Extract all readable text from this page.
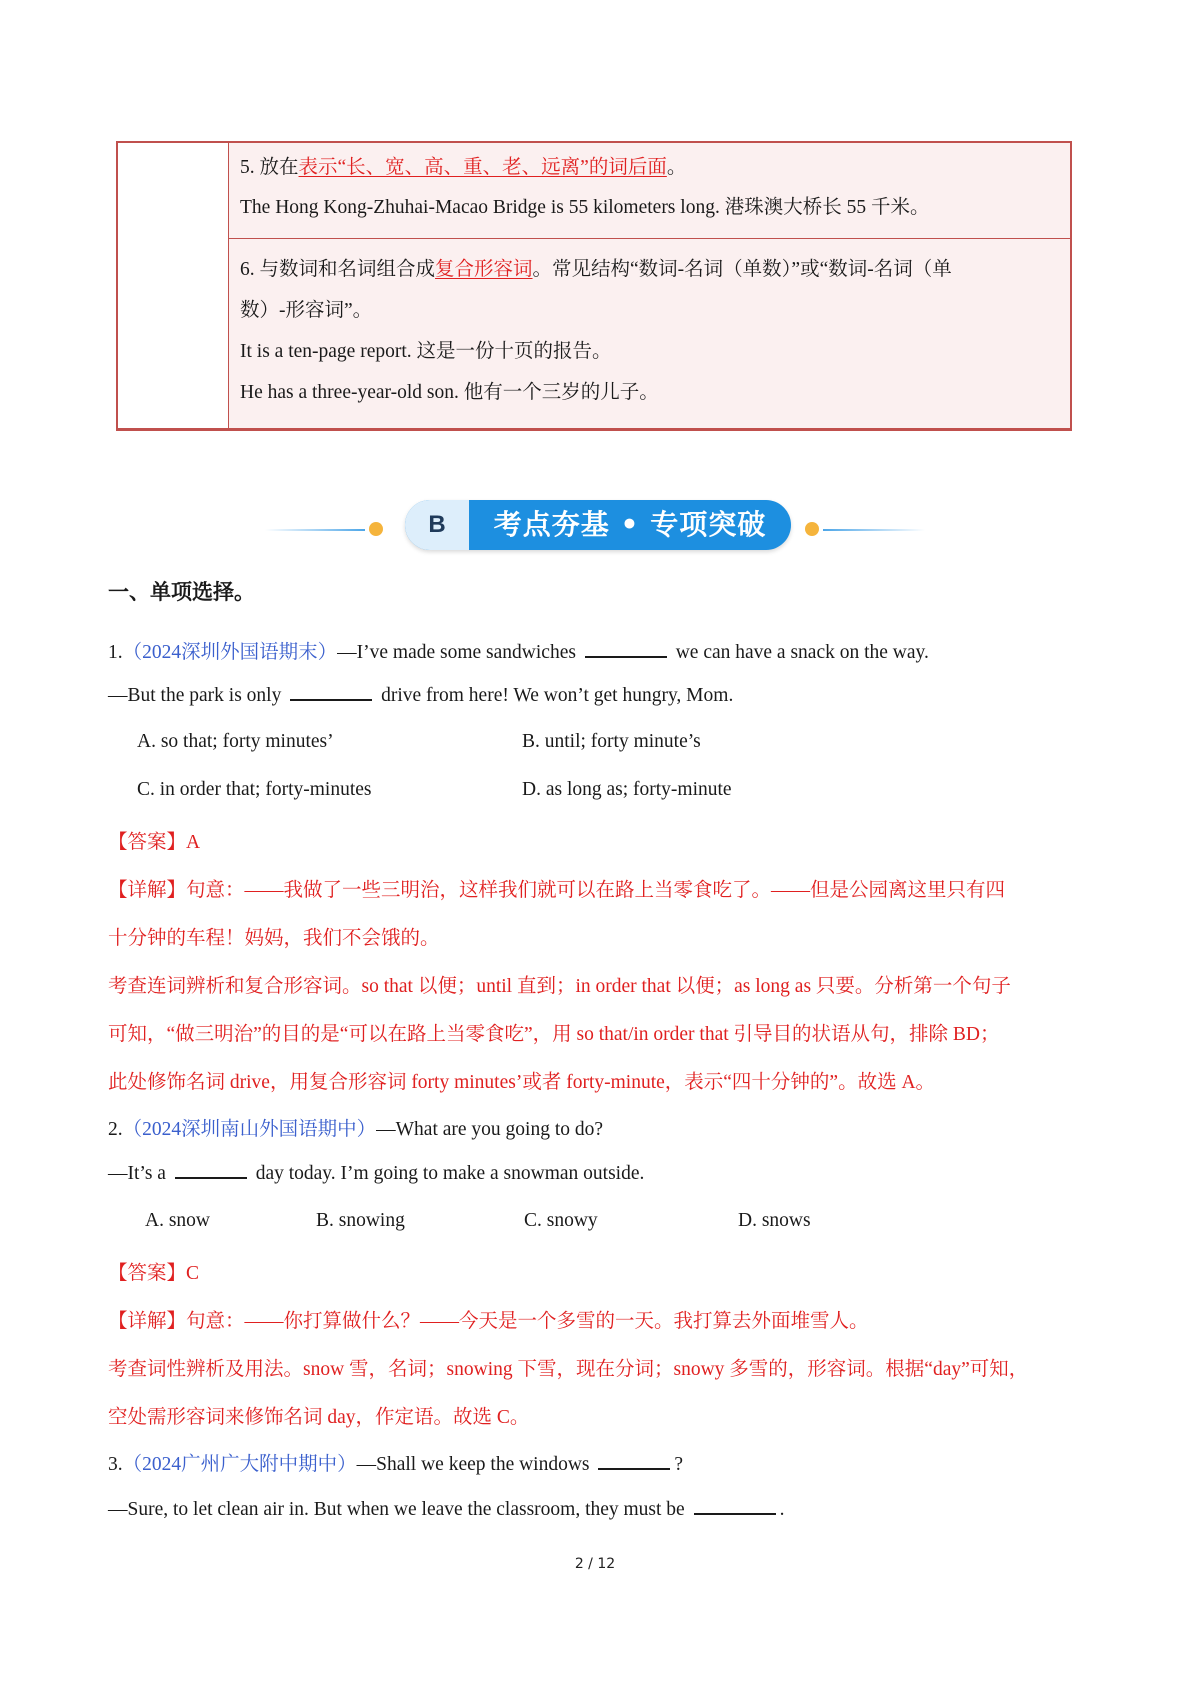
5. 放在表示“长、宽、高、重、老、远离”的词后面。
The Hong Kong-Zhuhai-Macao Bridge is 55 kilometers long. 港珠澳大桥长 55 千米。
6. 与数词和名词组合成复合形容词。常见结构“数词-名词（单数）”或“数词-名词（单
数）-形容词”。
It is a ten-page report. 这是一份十页的报告。
He has a three-year-old son. 他有一个三岁的儿子。
B	考点夯基 • 专项突破
一、单项选择。
1.（2024深圳外国语期末）—I’ve made some sandwiches	we can have a snack on the way.
—But the park is only	drive from here! We won’t get hungry, Mom.
A. so that; forty minutes’	B. until; forty minute’s
C. in order that; forty-minutes	D. as long as; forty-minute
【答案】A
【详解】句意：——我做了一些三明治，这样我们就可以在路上当零食吃了。——但是公园离这里只有四
十分钟的车程！妈妈，我们不会饿的。
考查连词辨析和复合形容词。so that 以便；until 直到；in order that 以便；as long as 只要。分析第一个句子
可知，“做三明治”的目的是“可以在路上当零食吃”，用 so that/in order that 引导目的状语从句，排除 BD；
此处修饰名词 drive，用复合形容词 forty minutes’或者 forty-minute，表示“四十分钟的”。故选 A。
2.（2024深圳南山外国语期中）—What are you going to do?
—It’s a	day today. I’m going to make a snowman outside.
A. snow	B. snowing	C. snowy	D. snows
【答案】C
【详解】句意：——你打算做什么？——今天是一个多雪的一天。我打算去外面堆雪人。
考查词性辨析及用法。snow 雪，名词；snowing 下雪，现在分词；snowy 多雪的，形容词。根据“day”可知，
空处需形容词来修饰名词 day，作定语。故选 C。
3.（2024广州广大附中期中）—Shall we keep the windows	?
—Sure, to let clean air in. But when we leave the classroom, they must be	.
2 / 12
